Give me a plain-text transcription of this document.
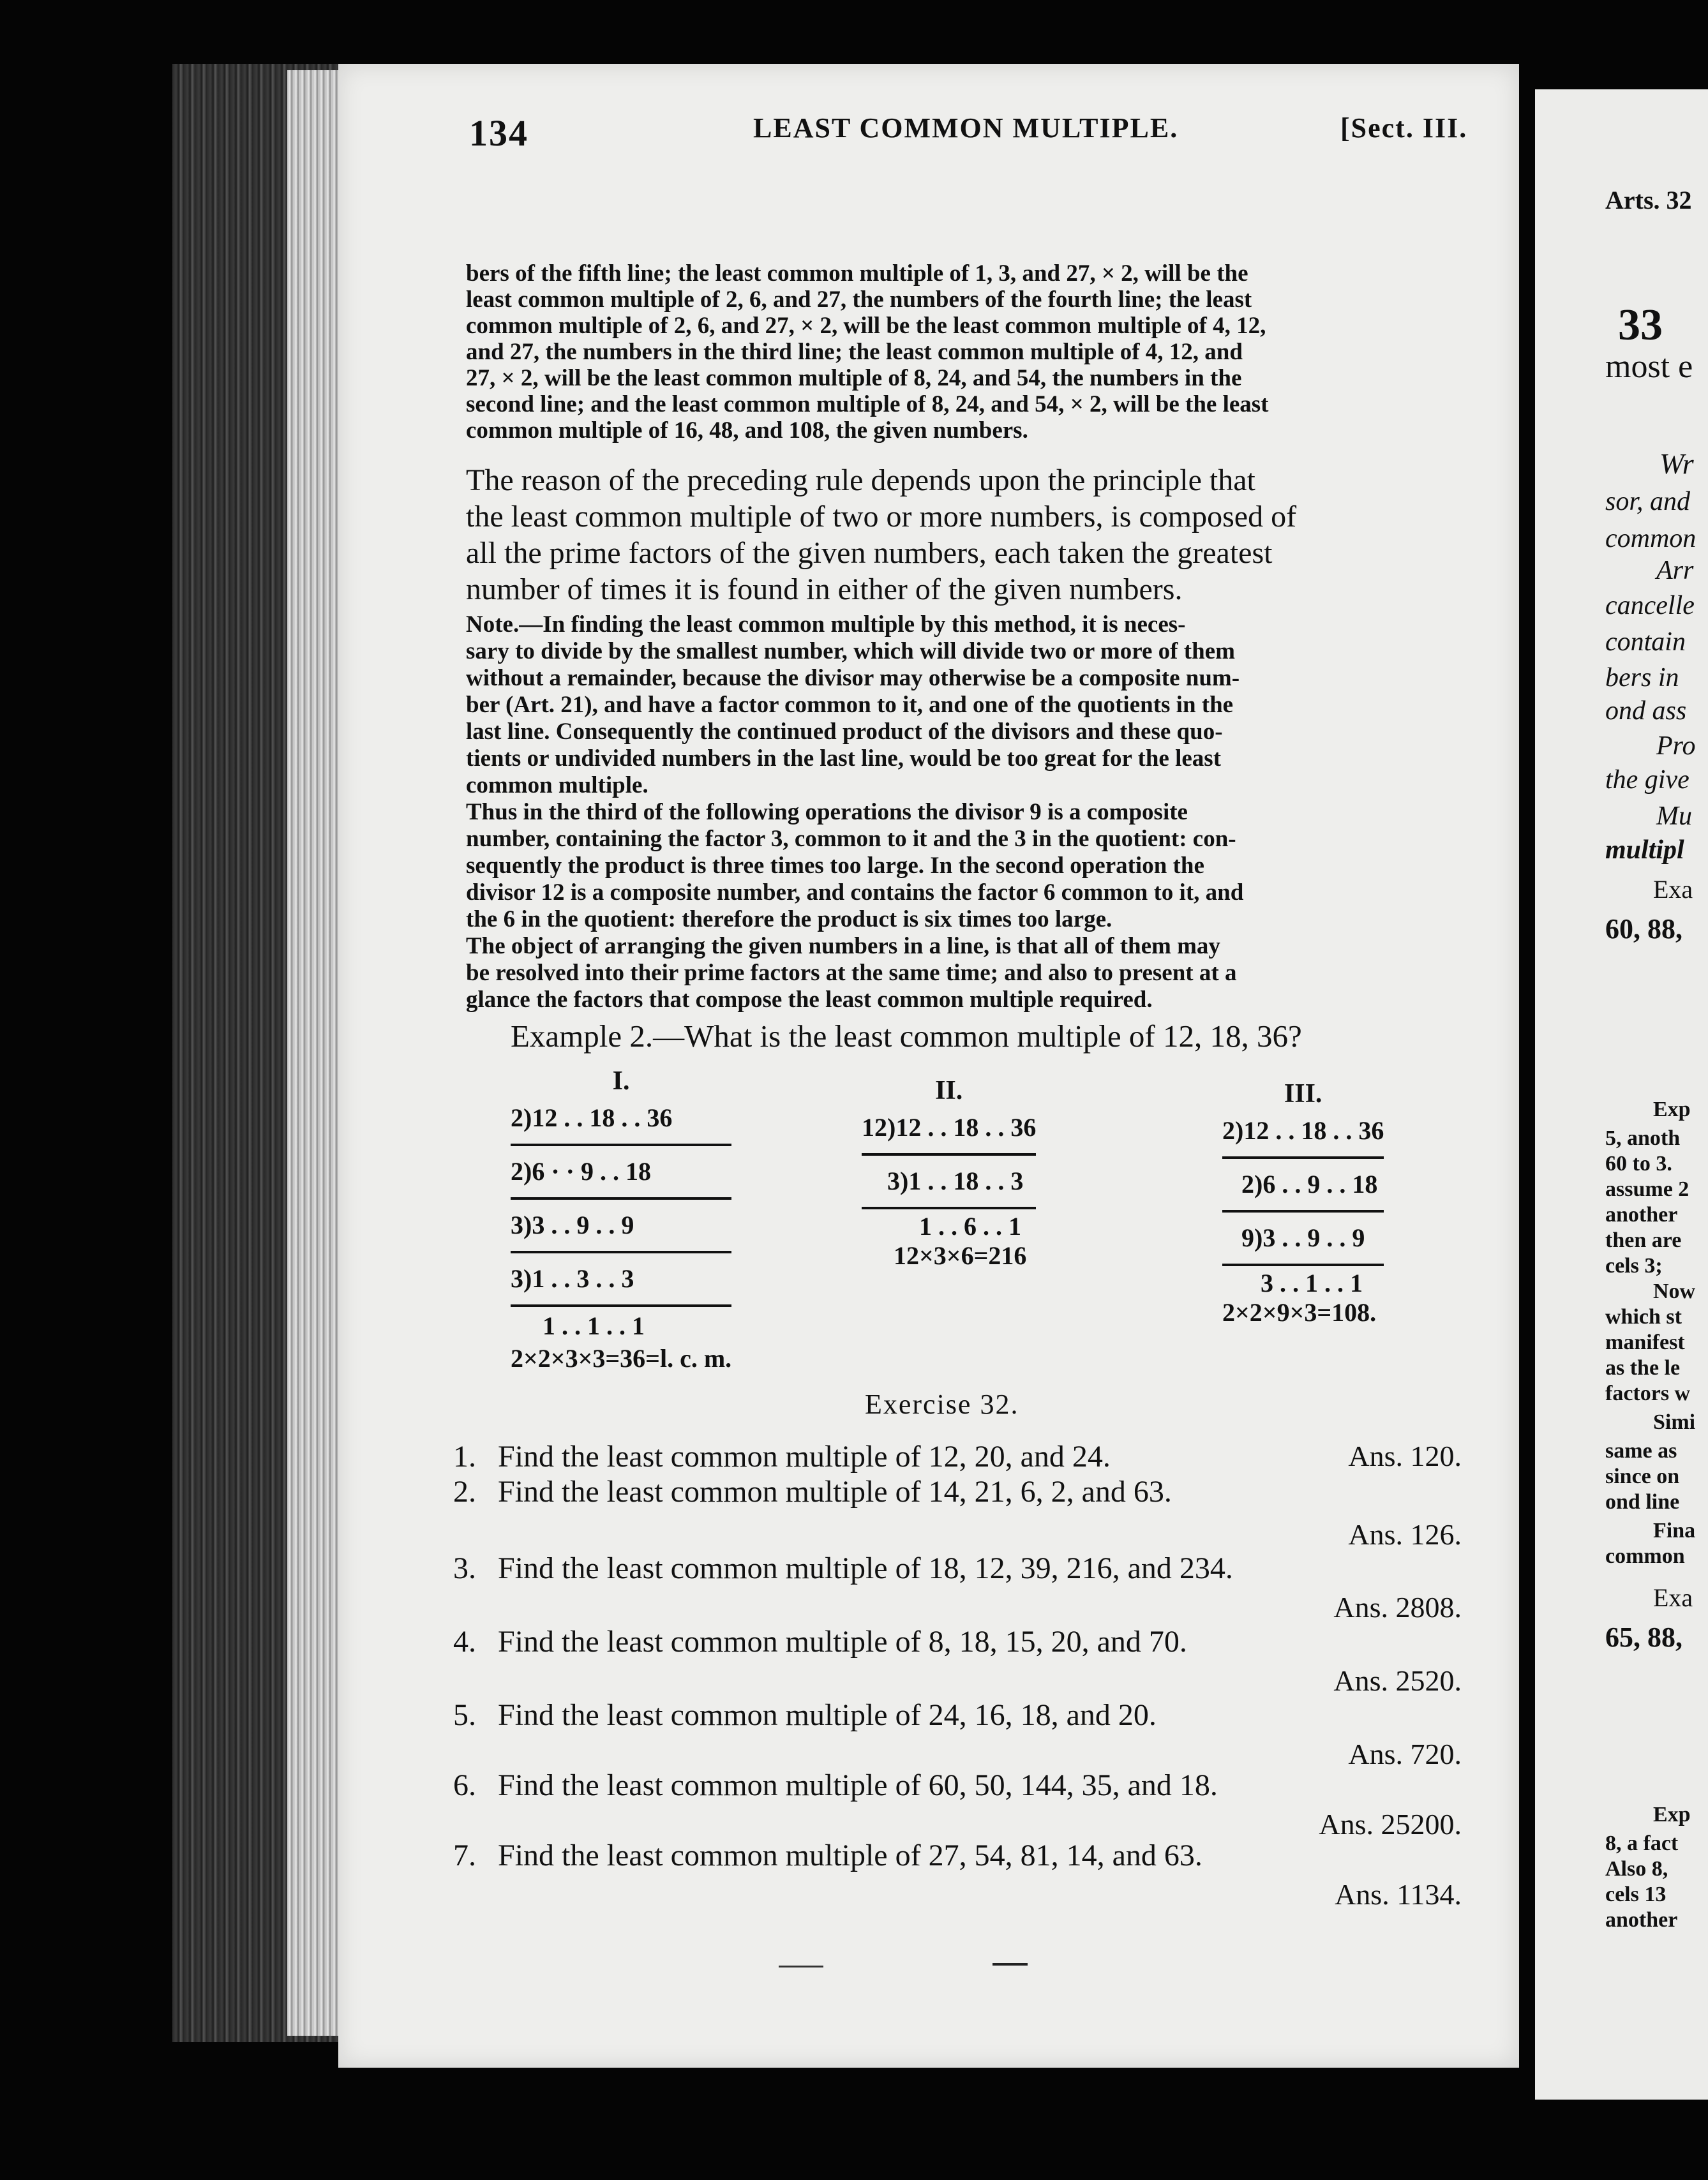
134	LEAST COMMON MULTIPLE.	[Sect. III.
bers of the fifth line; the least common multiple of 1, 3, and 27, × 2, will be the
least common multiple of 2, 6, and 27, the numbers of the fourth line; the least
common multiple of 2, 6, and 27, × 2, will be the least common multiple of 4, 12,
and 27, the numbers in the third line; the least common multiple of 4, 12, and
27, × 2, will be the least common multiple of 8, 24, and 54, the numbers in the
second line; and the least common multiple of 8, 24, and 54, × 2, will be the least
common multiple of 16, 48, and 108, the given numbers.
The reason of the preceding rule depends upon the principle that
the least common multiple of two or more numbers, is composed of
all the prime factors of the given numbers, each taken the greatest
number of times it is found in either of the given numbers.
Note.—In finding the least common multiple by this method, it is neces-
sary to divide by the smallest number, which will divide two or more of them
without a remainder, because the divisor may otherwise be a composite num-
ber (Art. 21), and have a factor common to it, and one of the quotients in the
last line. Consequently the continued product of the divisors and these quo-
tients or undivided numbers in the last line, would be too great for the least
common multiple.
Thus in the third of the following operations the divisor 9 is a composite
number, containing the factor 3, common to it and the 3 in the quotient: con-
sequently the product is three times too large. In the second operation the
divisor 12 is a composite number, and contains the factor 6 common to it, and
the 6 in the quotient: therefore the product is six times too large.
The object of arranging the given numbers in a line, is that all of them may
be resolved into their prime factors at the same time; and also to present at a
glance the factors that compose the least common multiple required.
Example 2.—What is the least common multiple of 12, 18, 36?
I.
2)12 . . 18 . . 36
2)6 · · 9 . . 18
3)3 . . 9 . . 9
3)1 . . 3 . . 3
1 . . 1 . . 1
2×2×3×3=36=l. c. m.
II.
12)12 . . 18 . . 36
3)1 . . 18 . . 3
1 . . 6 . . 1
12×3×6=216
III.
2)12 . . 18 . . 36
2)6 . . 9 . . 18
9)3 . . 9 . . 9
3 . . 1 . . 1
2×2×9×3=108.
Exercise 32.
1. Find the least common multiple of 12, 20, and 24.	Ans. 120.
2. Find the least common multiple of 14, 21, 6, 2, and 63.
Ans. 126.
3. Find the least common multiple of 18, 12, 39, 216, and 234.
Ans. 2808.
4. Find the least common multiple of 8, 18, 15, 20, and 70.
Ans. 2520.
5. Find the least common multiple of 24, 16, 18, and 20.
Ans. 720.
6. Find the least common multiple of 60, 50, 144, 35, and 18.
Ans. 25200.
7. Find the least common multiple of 27, 54, 81, 14, and 63.
Ans. 1134.
Arts. 32
33
most e
Wr
sor, and
common
Arr
cancelle
contain
bers in
ond ass
Pro
the give
Mu
multipl
Exa
60, 88,
Exp
5, anoth
60 to 3.
assume 2
another
then are
cels 3;
Now
which st
manifest
as the le
factors w
Simi
same as
since on
ond line
Fina
common
Exa
65, 88,
Exp
8, a fact
Also 8,
cels 13
another
